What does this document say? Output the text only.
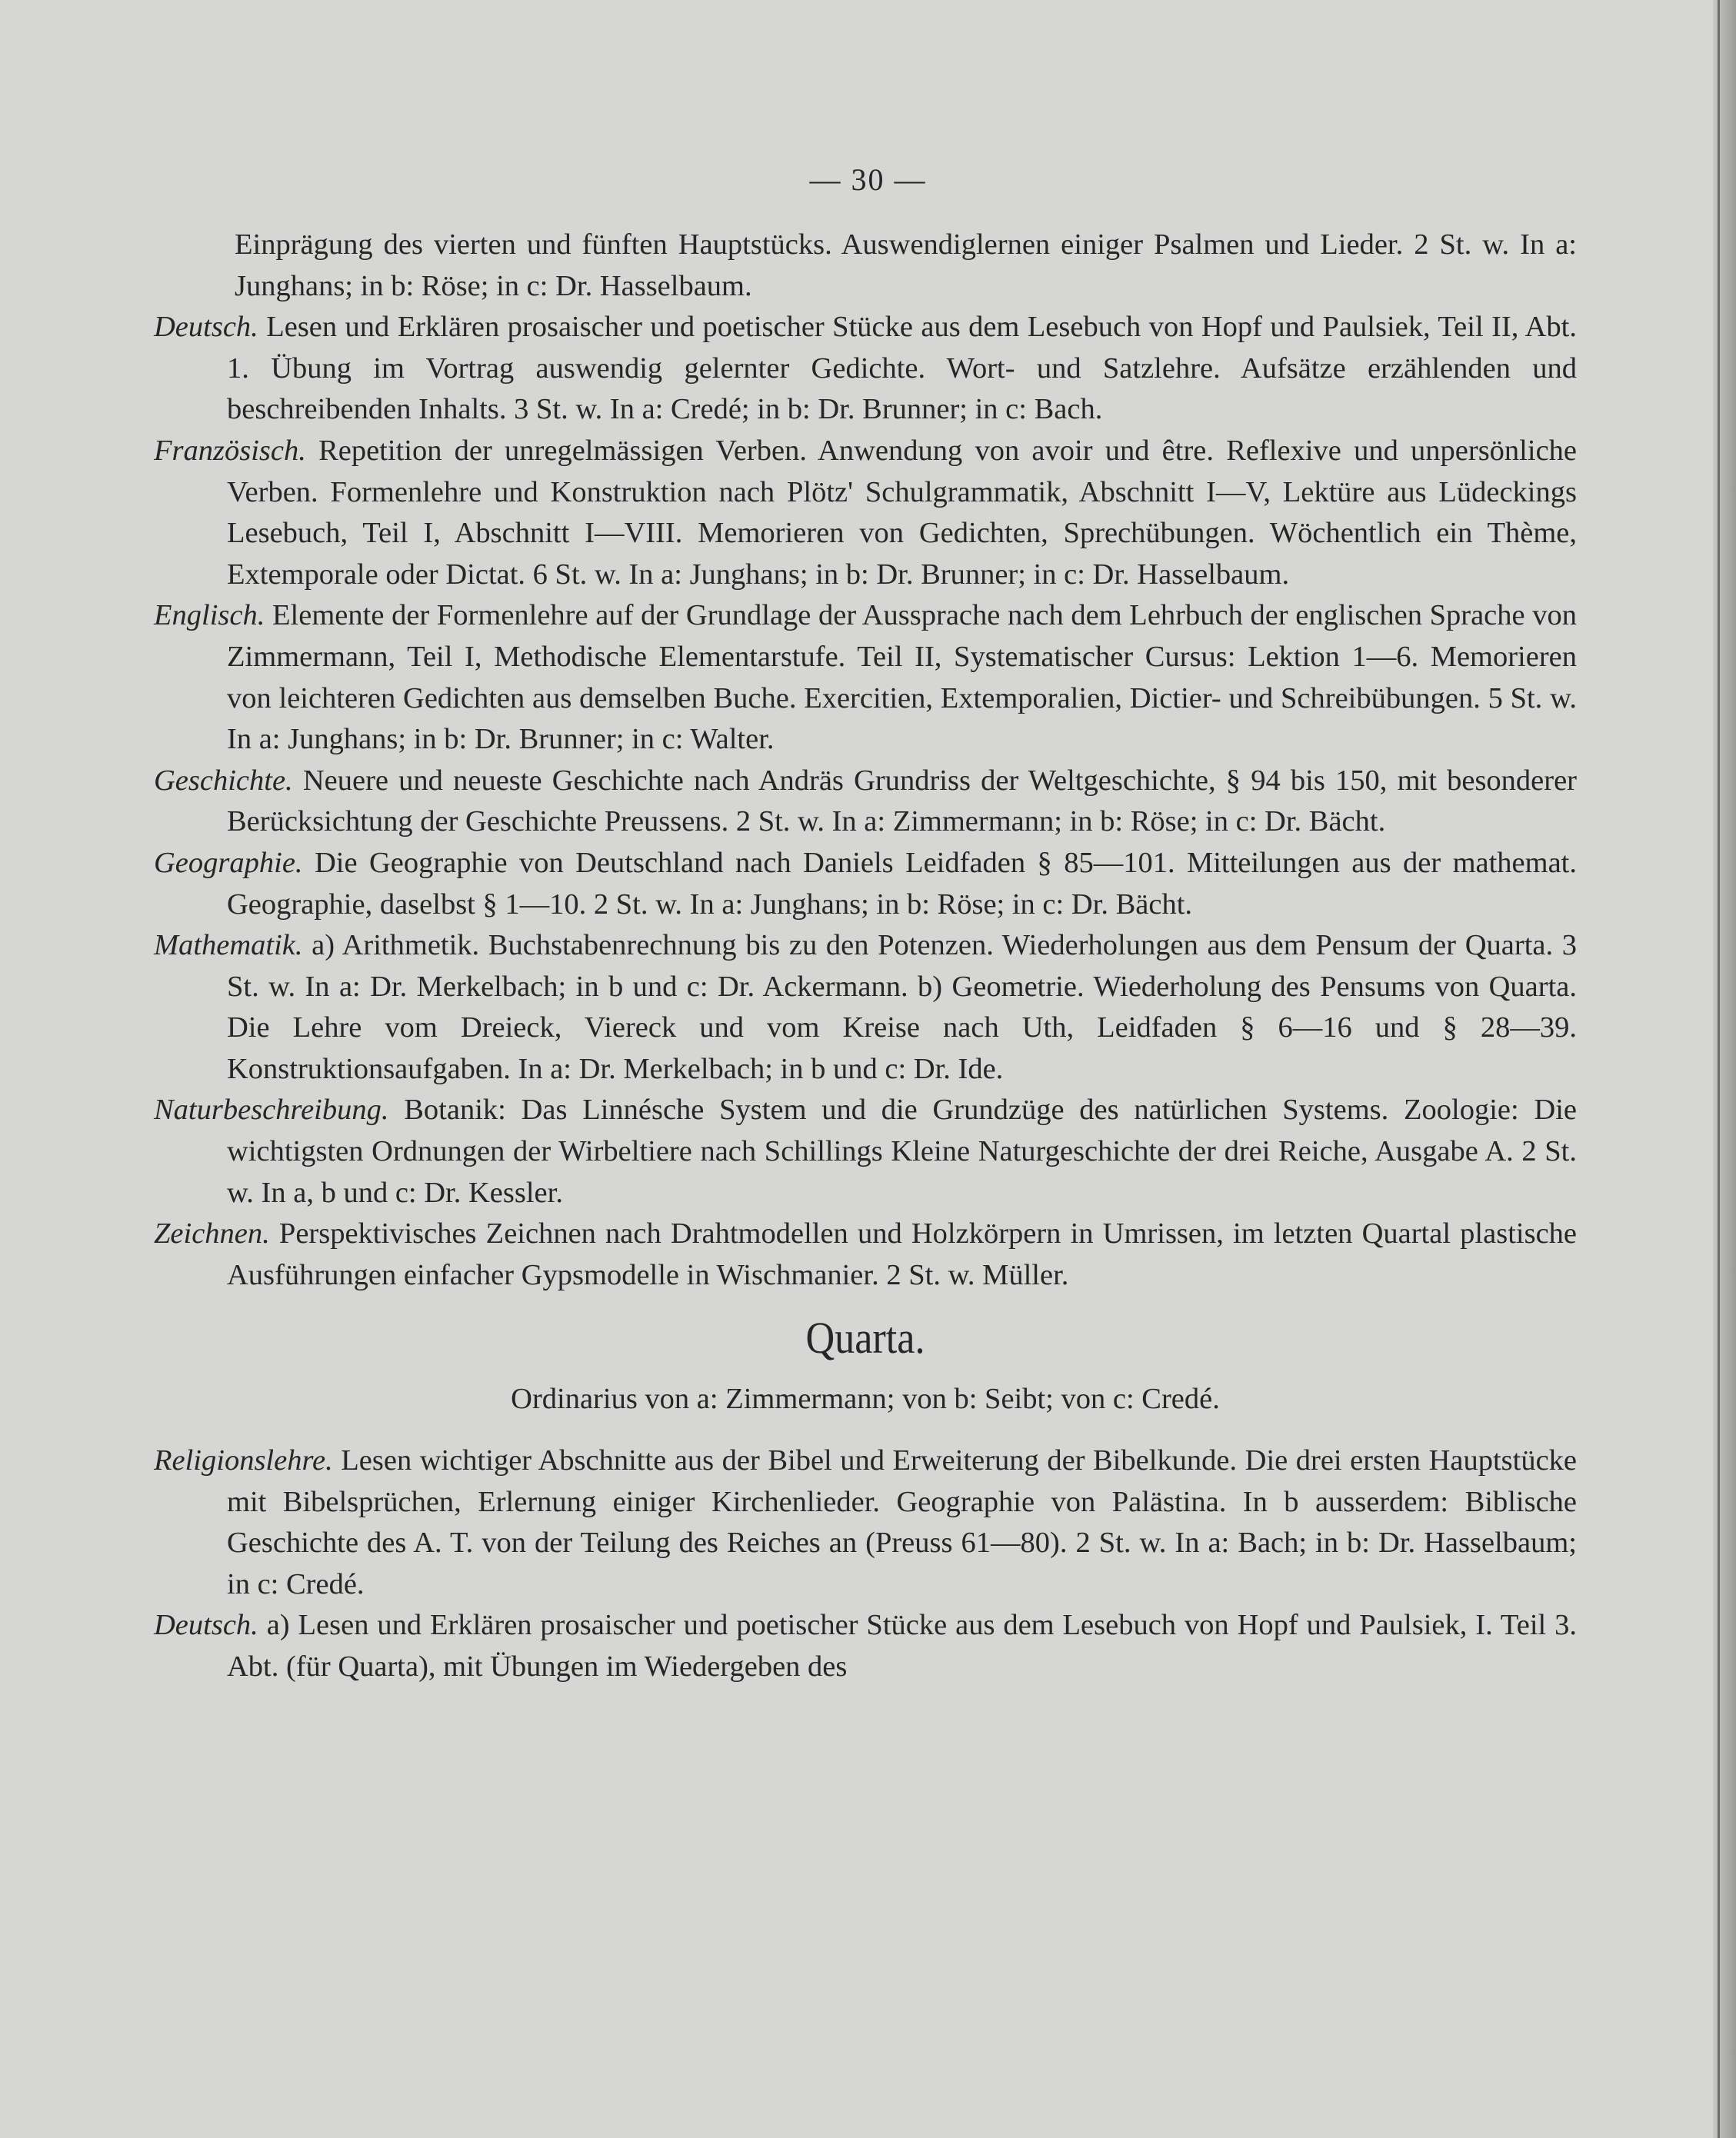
— 30 —

Einprägung des vierten und fünften Hauptstücks. Auswendiglernen einiger Psalmen und Lieder. 2 St. w. In a: Junghans; in b: Röse; in c: Dr. Hasselbaum.

Deutsch. Lesen und Erklären prosaischer und poetischer Stücke aus dem Lesebuch von Hopf und Paulsiek, Teil II, Abt. 1. Übung im Vortrag auswendig gelernter Gedichte. Wort- und Satzlehre. Aufsätze erzählenden und beschreibenden Inhalts. 3 St. w. In a: Credé; in b: Dr. Brunner; in c: Bach.

Französisch. Repetition der unregelmässigen Verben. Anwendung von avoir und être. Reflexive und unpersönliche Verben. Formenlehre und Konstruktion nach Plötz' Schulgrammatik, Abschnitt I—V, Lektüre aus Lüdeckings Lesebuch, Teil I, Abschnitt I—VIII. Memorieren von Gedichten, Sprechübungen. Wöchentlich ein Thème, Extemporale oder Dictat. 6 St. w. In a: Junghans; in b: Dr. Brunner; in c: Dr. Hasselbaum.

Englisch. Elemente der Formenlehre auf der Grundlage der Aussprache nach dem Lehrbuch der englischen Sprache von Zimmermann, Teil I, Methodische Elementarstufe. Teil II, Systematischer Cursus: Lektion 1—6. Memorieren von leichteren Gedichten aus demselben Buche. Exercitien, Extemporalien, Dictier- und Schreibübungen. 5 St. w. In a: Junghans; in b: Dr. Brunner; in c: Walter.

Geschichte. Neuere und neueste Geschichte nach Andräs Grundriss der Weltgeschichte, § 94 bis 150, mit besonderer Berücksichtung der Geschichte Preussens. 2 St. w. In a: Zimmermann; in b: Röse; in c: Dr. Bächt.

Geographie. Die Geographie von Deutschland nach Daniels Leidfaden § 85—101. Mitteilungen aus der mathemat. Geographie, daselbst § 1—10. 2 St. w. In a: Junghans; in b: Röse; in c: Dr. Bächt.

Mathematik. a) Arithmetik. Buchstabenrechnung bis zu den Potenzen. Wiederholungen aus dem Pensum der Quarta. 3 St. w. In a: Dr. Merkelbach; in b und c: Dr. Ackermann. b) Geometrie. Wiederholung des Pensums von Quarta. Die Lehre vom Dreieck, Viereck und vom Kreise nach Uth, Leidfaden § 6—16 und § 28—39. Konstruktionsaufgaben. In a: Dr. Merkelbach; in b und c: Dr. Ide.

Naturbeschreibung. Botanik: Das Linnésche System und die Grundzüge des natürlichen Systems. Zoologie: Die wichtigsten Ordnungen der Wirbeltiere nach Schillings Kleine Naturgeschichte der drei Reiche, Ausgabe A. 2 St. w. In a, b und c: Dr. Kessler.

Zeichnen. Perspektivisches Zeichnen nach Drahtmodellen und Holzkörpern in Umrissen, im letzten Quartal plastische Ausführungen einfacher Gypsmodelle in Wischmanier. 2 St. w. Müller.

Quarta.
Ordinarius von a: Zimmermann; von b: Seibt; von c: Credé.

Religionslehre. Lesen wichtiger Abschnitte aus der Bibel und Erweiterung der Bibelkunde. Die drei ersten Hauptstücke mit Bibelsprüchen, Erlernung einiger Kirchenlieder. Geographie von Palästina. In b ausserdem: Biblische Geschichte des A. T. von der Teilung des Reiches an (Preuss 61—80). 2 St. w. In a: Bach; in b: Dr. Hasselbaum; in c: Credé.

Deutsch. a) Lesen und Erklären prosaischer und poetischer Stücke aus dem Lesebuch von Hopf und Paulsiek, I. Teil 3. Abt. (für Quarta), mit Übungen im Wiedergeben des
